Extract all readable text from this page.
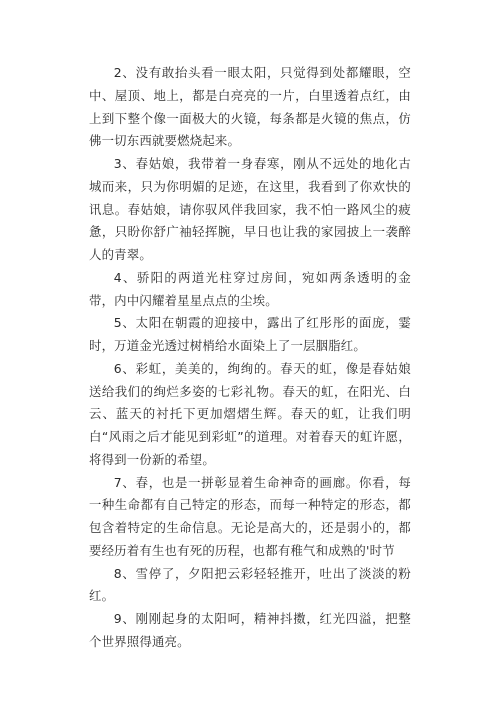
2、没有敢抬头看一眼太阳，只觉得到处都耀眼，空中、屋顶、地上，都是白亮亮的一片，白里透着点红，由上到下整个像一面极大的火镜，每条都是火镜的焦点，仿佛一切东西就要燃烧起来。

3、春姑娘，我带着一身春寒，刚从不远处的地化古城而来，只为你明媚的足迹，在这里，我看到了你欢快的讯息。春姑娘，请你驭风伴我回家，我不怕一路风尘的疲惫，只盼你舒广袖轻挥腕，早日也让我的家园披上一袭醉人的青翠。

4、骄阳的两道光柱穿过房间，宛如两条透明的金带，内中闪耀着星星点点的尘埃。

5、太阳在朝霞的迎接中，露出了红彤彤的面庞，霎时，万道金光透过树梢给水面染上了一层胭脂红。

6、彩虹，美美的，绚绚的。春天的虹，像是春姑娘送给我们的绚烂多姿的七彩礼物。春天的虹，在阳光、白云、蓝天的衬托下更加熠熠生辉。春天的虹，让我们明白“风雨之后才能见到彩虹”的道理。对着春天的虹许愿，将得到一份新的希望。

7、春，也是一拼彰显着生命神奇的画廊。你看，每一种生命都有自己特定的形态，而每一种特定的形态，都包含着特定的生命信息。无论是高大的，还是弱小的，都要经历着有生也有死的历程，也都有稚气和成熟的'时节

8、雪停了，夕阳把云彩轻轻推开，吐出了淡淡的粉红。

9、刚刚起身的太阳呵，精神抖擞，红光四溢，把整个世界照得通亮。
